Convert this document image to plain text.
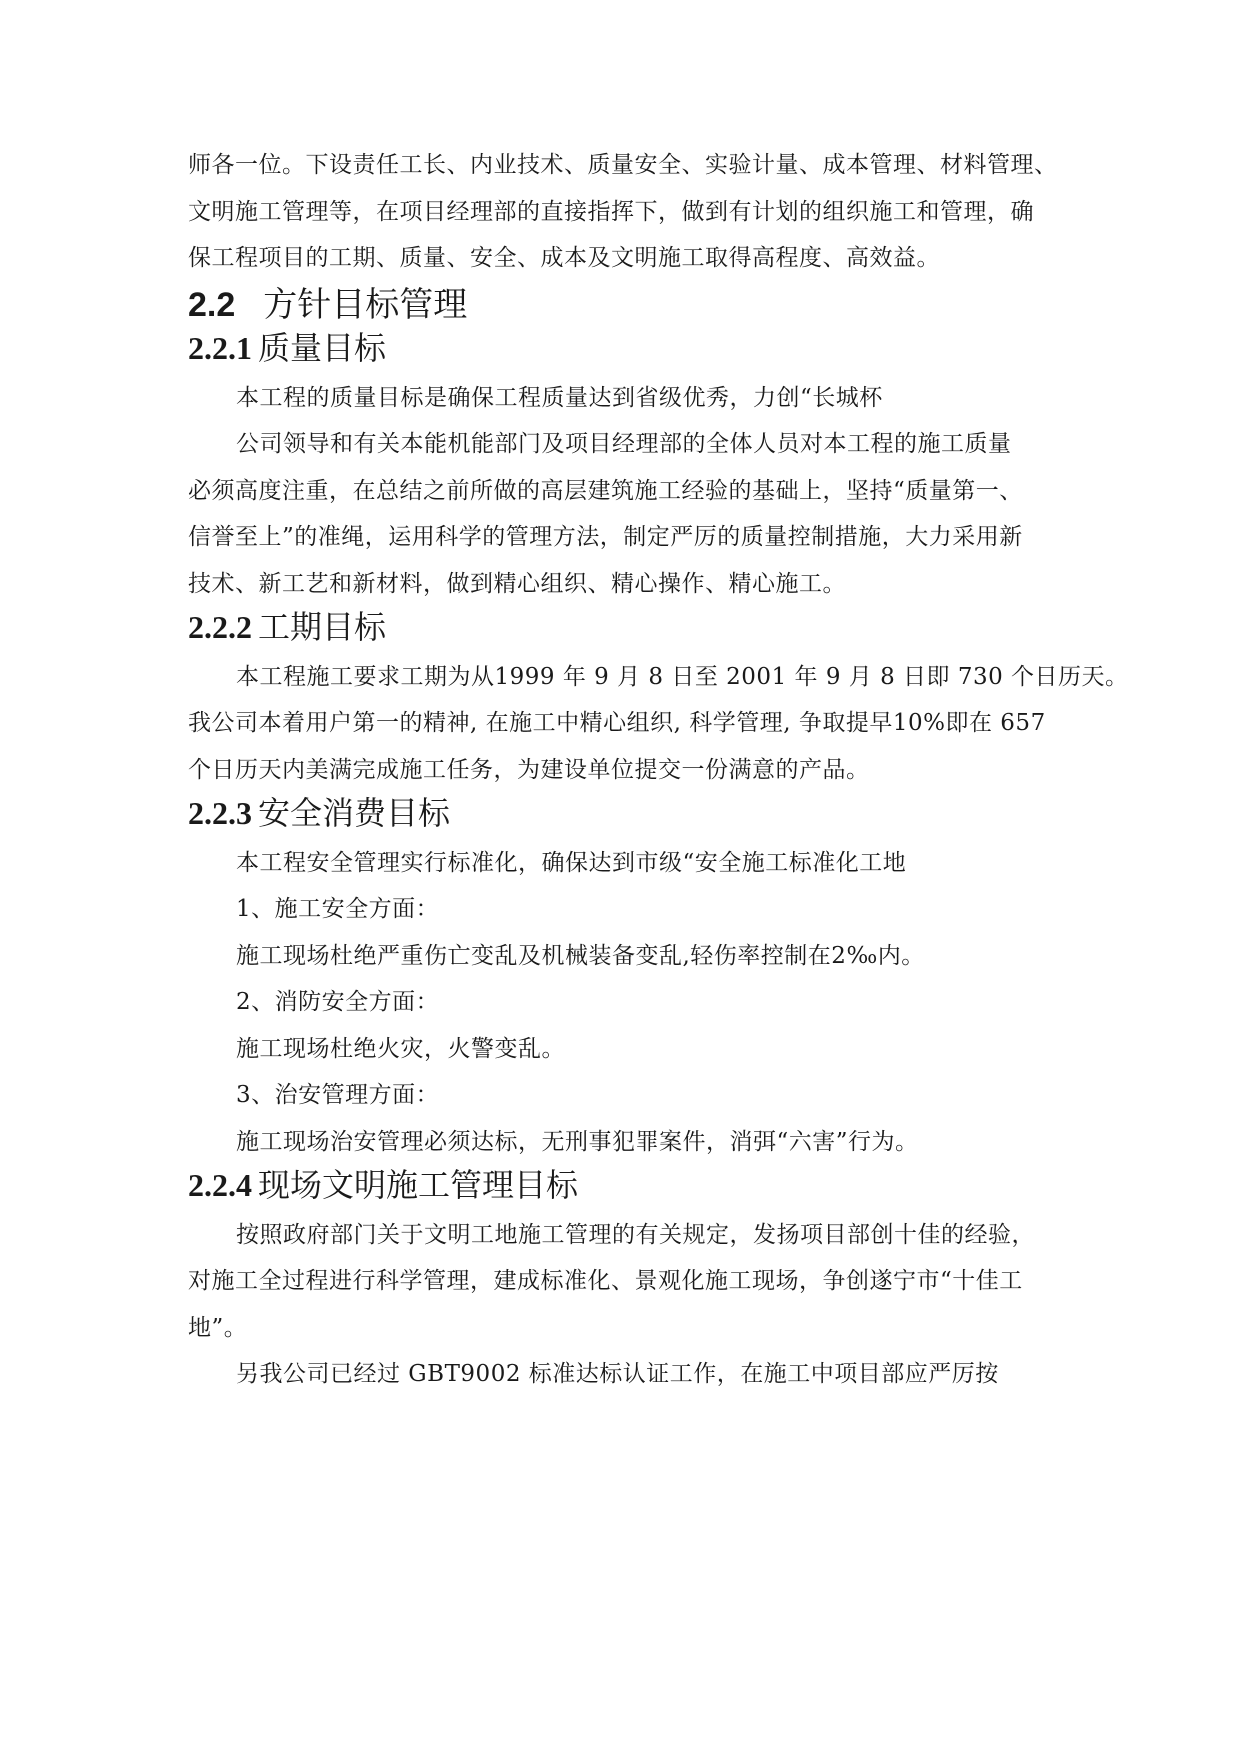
师各一位。下设责任工长、内业技术、质量安全、实验计量、成本管理、材料管理、
文明施工管理等，在项目经理部的直接指挥下，做到有计划的组织施工和管理，确
保工程项目的工期、质量、安全、成本及文明施工取得高程度、高效益。
2.2 方针目标管理
2.2.1 质量目标
本工程的质量目标是确保工程质量达到省级优秀，力创“长城杯
公司领导和有关本能机能部门及项目经理部的全体人员对本工程的施工质量
必须高度注重，在总结之前所做的高层建筑施工经验的基础上，坚持“质量第一、
信誉至上”的准绳，运用科学的管理方法，制定严厉的质量控制措施，大力采用新
技术、新工艺和新材料，做到精心组织、精心操作、精心施工。
2.2.2 工期目标
本工程施工要求工期为从1999 年 9 月 8 日至 2001 年 9 月 8 日即 730 个日历天。
我公司本着用户第一的精神, 在施工中精心组织, 科学管理, 争取提早10%即在 657
个日历天内美满完成施工任务，为建设单位提交一份满意的产品。
2.2.3 安全消费目标
本工程安全管理实行标准化，确保达到市级“安全施工标准化工地
1、施工安全方面：
施工现场杜绝严重伤亡变乱及机械装备变乱,轻伤率控制在2‰内。
2、消防安全方面：
施工现场杜绝火灾，火警变乱。
3、治安管理方面：
施工现场治安管理必须达标，无刑事犯罪案件，消弭“六害”行为。
2.2.4 现场文明施工管理目标
按照政府部门关于文明工地施工管理的有关规定，发扬项目部创十佳的经验，
对施工全过程进行科学管理，建成标准化、景观化施工现场，争创遂宁市“十佳工
地”。
另我公司已经过 GBT9002 标准达标认证工作，在施工中项目部应严厉按
